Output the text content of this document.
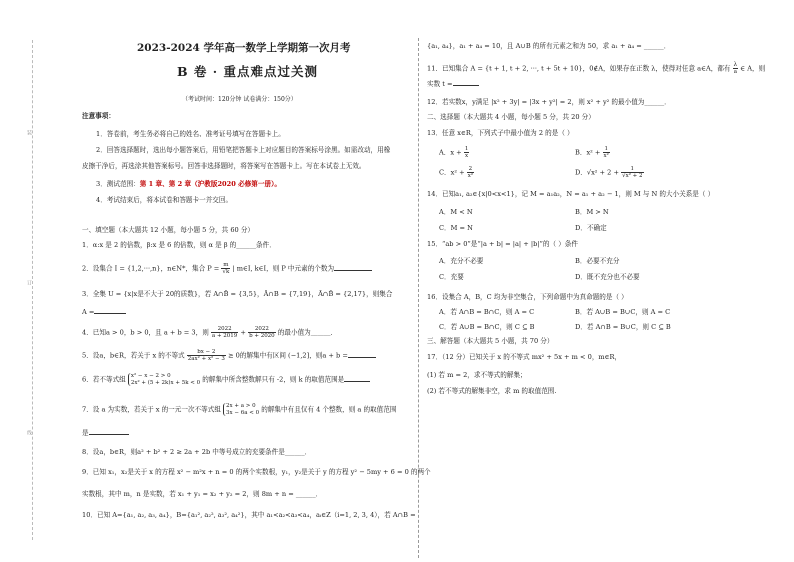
装
订
线
2023-2024 学年高一数学上学期第一次月考
B 卷 · 重点难点过关测
（考试时间：120分钟 试卷满分：150分）
注意事项：
1．答卷前，考生务必将自己的姓名、准考证号填写在答题卡上。
2．回答选择题时，选出每小题答案后，用铅笔把答题卡上对应题目的答案标号涂黑。如需改动，用橡
皮擦干净后，再选涂其他答案标号。回答非选择题时，将答案写在答题卡上。写在本试卷上无效。
3．测试范围：第 1 章、第 2 章（沪教版2020 必修第一册）。
4．考试结束后，将本试卷和答题卡一并交回。
一、填空题（本大题共 12 小题，每小题 5 分，共 60 分）
1．α:x 是 2 的倍数，β:x 是 6 的倍数，则 α 是 β 的______条件．
2．设集合 I = {1,2,···,n}，n∈N*，集合 $P = \frac{m}{√k}$ | m∈I, k∈I，则 P 中元素的个数为
3．全集 U = {x|x是不大于 20的质数}，若 A∩B̄ = {3,5}，Ā∩B = {7,19}，Ā∩B̄ = {2,17}，则集合
A =
4．已知a > 0，b > 0，且 a + b = 3，则 $\frac{2022}{a + 2019} + \frac{2022}{b + 2020}$ 的最小值为______．
5．设a，b∈R，若关于 x 的不等式 $\frac{bx - 2}{\text{2ax² + x² − 3}} \ge 0$的解集中有区间 (−1,2]，则a + b =
6．若不等式组 x² − x − 2 > 0
2x² + (5 + 2k)x + 5k < 0 的解集中所含整数解只有 -2，则 k 的取值范围是
7．设 a 为实数，若关于 x 的一元一次不等式组 2x + a > 0
3x − 6a < 0 的解集中有且仅有 4 个整数，则 a 的取值范围
是
8．设a，b∈R，则a² + b² + 2 ≥ 2a + 2b 中等号成立的充要条件是______．
9．已知 x₁，x₂是关于 x 的方程 x² − m²x + n = 0 的两个实数根，y₁，y₂是关于 y 的方程 y² − 5my + 6 = 0 的两个
实数根，其中 m，n 是实数，若 x₁ + y₁ = x₂ + y₂ = 2，则 8m + n = ______．
10．已知 A={a₁, a₂, a₃, a₄}，B={a₁², a₂², a₃², a₄²}，其中 a₁<a₂<a₃<a₄，aᵢ∈Z（i=1, 2, 3, 4），若 A∩B =
{a₁, a₄}，a₁ + a₄ = 10，且 A∪B 的所有元素之和为 50，求 a₁ + a₄ = ______．
11．已知集合 A = {t + 1, t + 2, ···, t + 5t + 10}，0∉A，如果存在正数 λ，使得对任意 a∈A，都有 $\frac{\lambda}{a}$ ∈ A，则
实数 t =
12．若实数x，y满足 |x² + 3y| = |3x + y²| = 2，则 x² + y² 的最小值为______．
二、选择题（本大题共 4 小题，每小题 5 分，共 20 分）
13．任意 x∈R，下列式子中最小值为 2 的是（ ）
A．$x + \frac{1}{x}$	B．$x^2 + \frac{1}{\text{x²}}$
C．$x^2 + \frac{2}{\text{x²}}$	D．$√x^2 + 2 + \frac{1}{\text{√x² + 2}}$
14．已知a₁, a₂∈{x|0<x<1}，记 M = a₁a₂，N = a₁ + a₂ − 1，则 M 与 N 的大小关系是（ ）
A．M < N	B．M > N
C．M = N	D．不确定
15．“ab > 0”是“|a + b| = |a| + |b|”的（ ）条件
A．充分不必要	B．必要不充分
C．充要	D．既不充分也不必要
16．设集合 A，B，C 均为非空集合，下列命题中为真命题的是（ ）
A．若 A∩B = B∩C，则 A = C	B．若 A∪B = B∪C，则 A = C
C．若 A∪B = B∩C，则 C ⊆ B	D．若 A∩B = B∪C，则 C ⊆ B
三、解答题（本大题共 5 小题，共 70 分）
17．（12 分）已知关于 x 的不等式 mx² + 5x + m < 0，m∈R，
(1) 若 m = 2，求不等式的解集；
(2) 若不等式的解集非空，求 m 的取值范围.
